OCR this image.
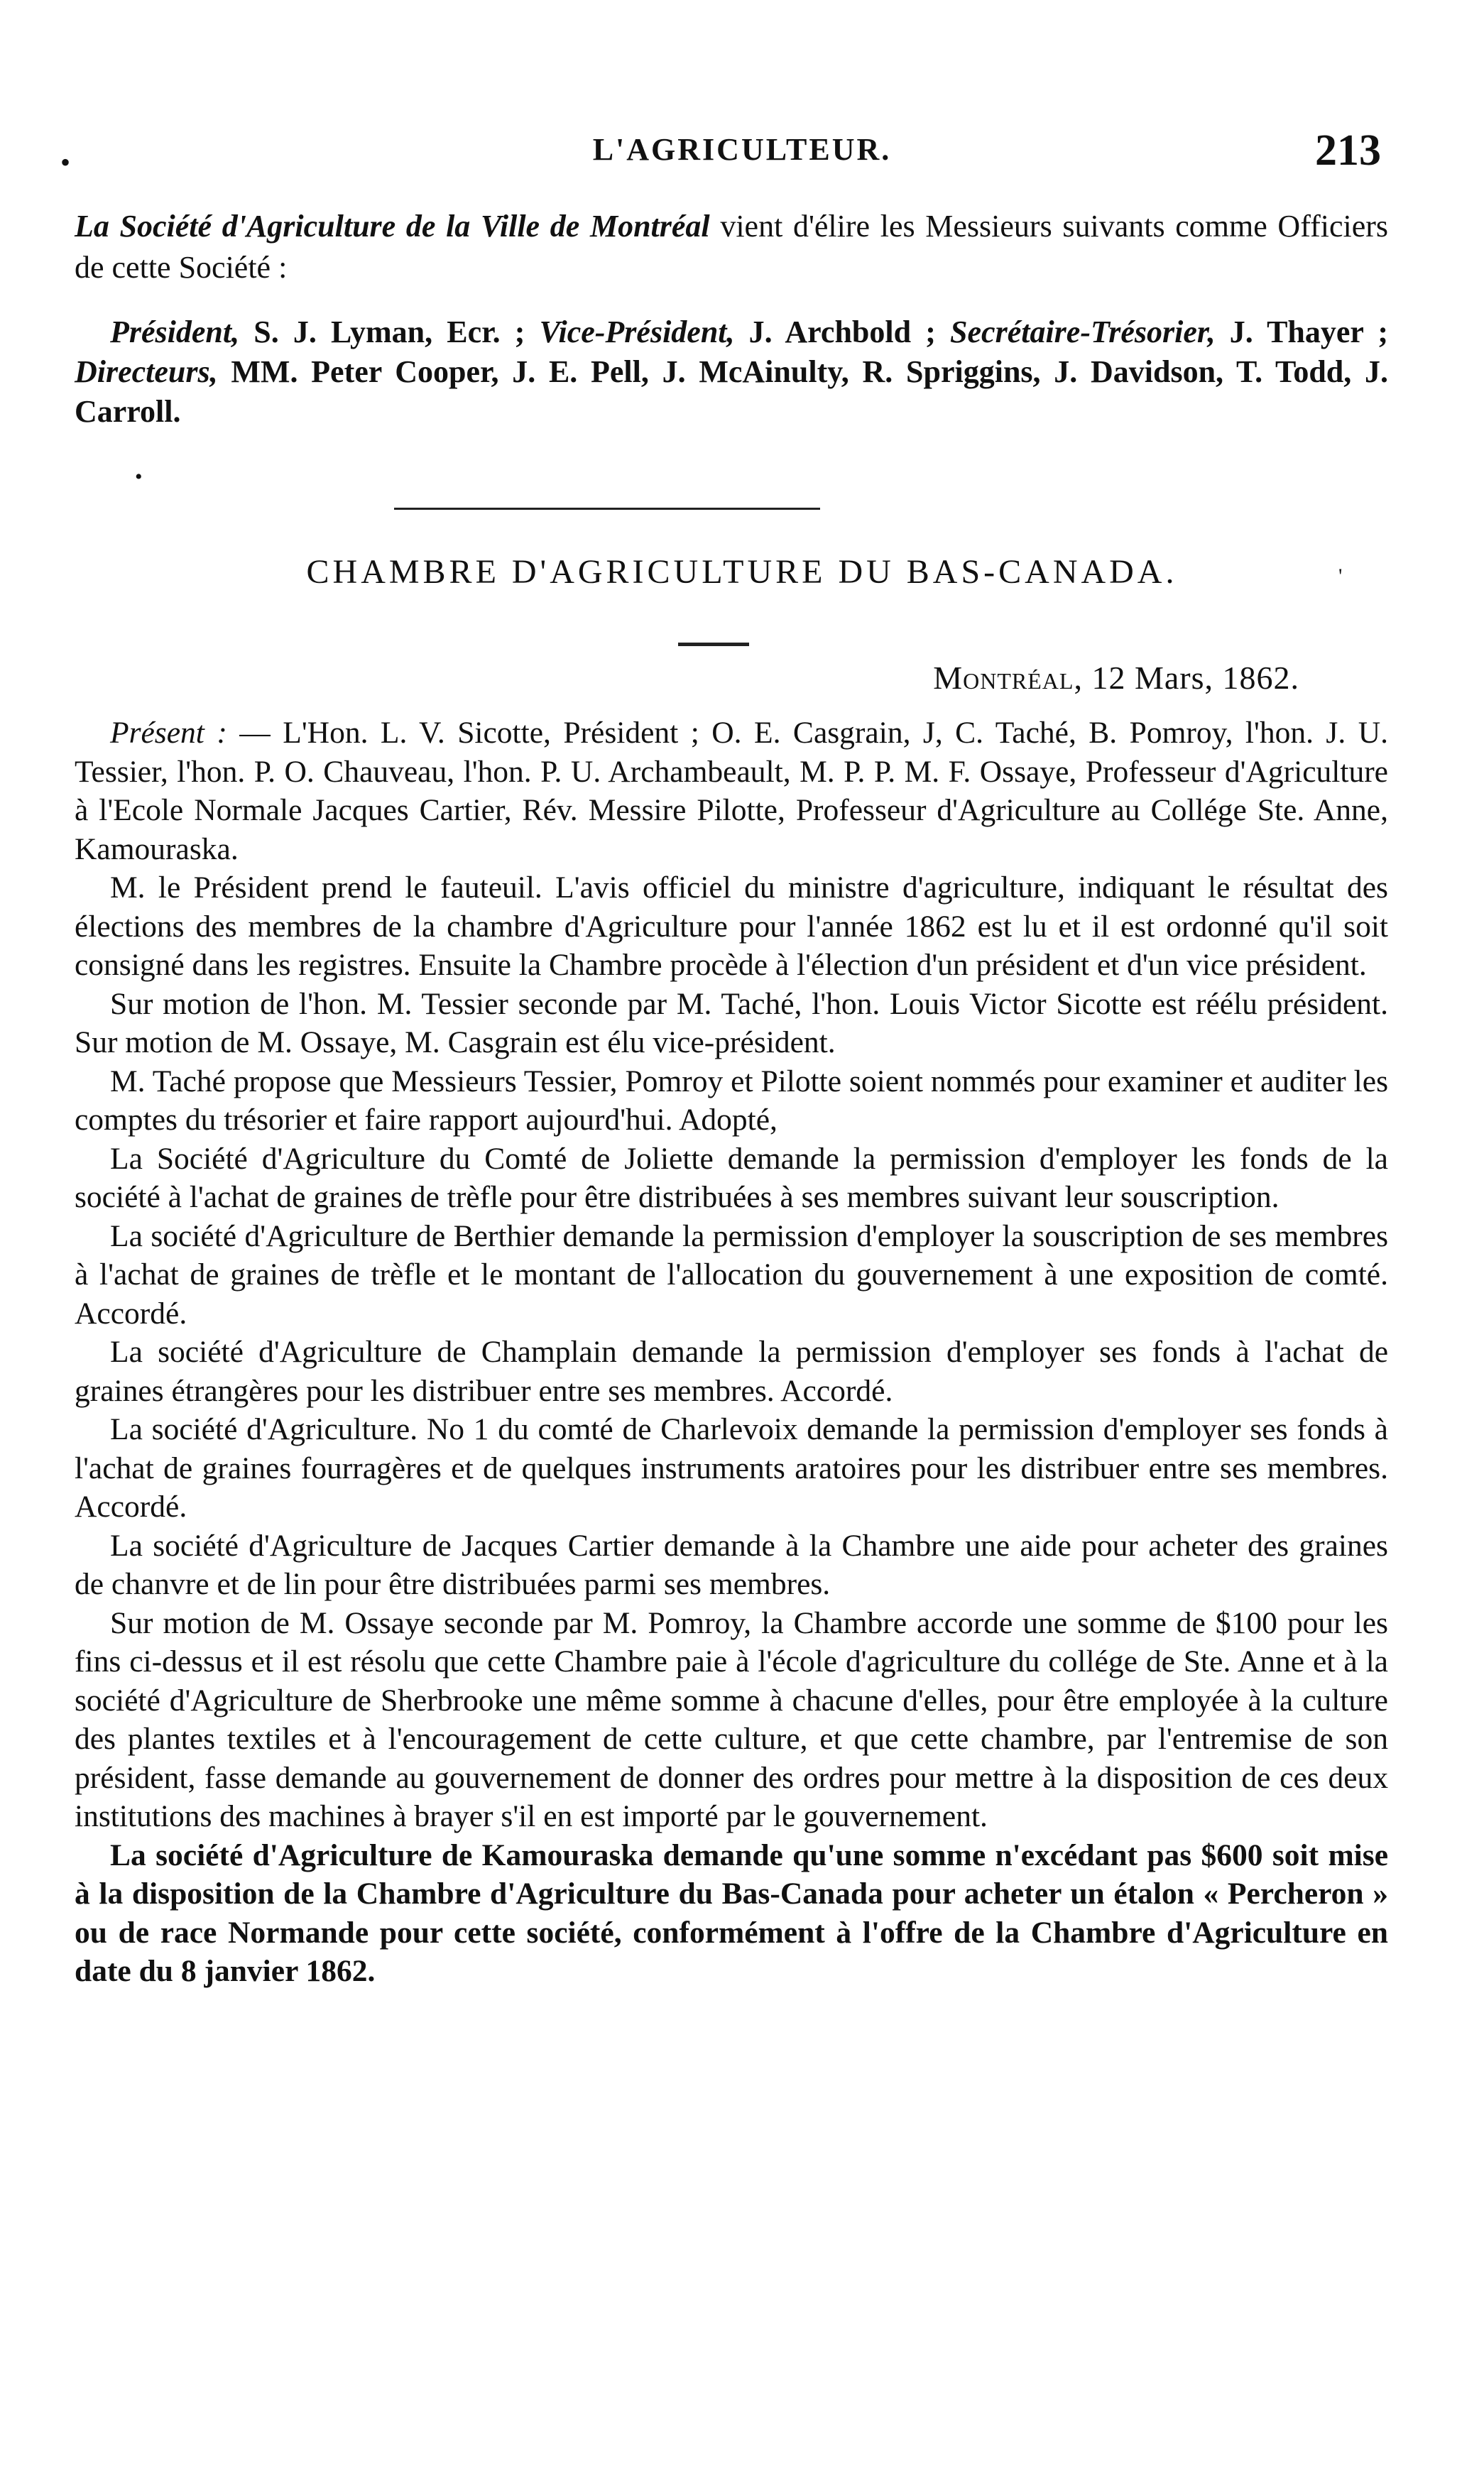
•	L'AGRICULTEUR.	213

La Société d'Agriculture de la Ville de Montréal vient d'élire les Messieurs suivants comme Officiers de cette Société :

Président, S. J. Lyman, Ecr. ; Vice-Président, J. Archbold ; Secrétaire-Trésorier, J. Thayer ; Directeurs, MM. Peter Cooper, J. E. Pell, J. McAinulty, R. Spriggins, J. Davidson, T. Todd, J. Carroll.

•
'
CHAMBRE D'AGRICULTURE DU BAS-CANADA.
Montréal, 12 Mars, 1862.

Présent : — L'Hon. L. V. Sicotte, Président ; O. E. Casgrain, J, C. Taché, B. Pomroy, l'hon. J. U. Tessier, l'hon. P. O. Chauveau, l'hon. P. U. Archambeault, M. P. P. M. F. Ossaye, Professeur d'Agriculture à l'Ecole Normale Jacques Cartier, Rév. Messire Pilotte, Professeur d'Agriculture au Collége Ste. Anne, Kamouraska.

M. le Président prend le fauteuil. L'avis officiel du ministre d'agriculture, indiquant le résultat des élections des membres de la chambre d'Agriculture pour l'année 1862 est lu et il est ordonné qu'il soit consigné dans les registres. Ensuite la Chambre procède à l'élection d'un président et d'un vice président.

Sur motion de l'hon. M. Tessier seconde par M. Taché, l'hon. Louis Victor Sicotte est réélu président. Sur motion de M. Ossaye, M. Casgrain est élu vice-président.

M. Taché propose que Messieurs Tessier, Pomroy et Pilotte soient nommés pour examiner et auditer les comptes du trésorier et faire rapport aujourd'hui. Adopté,

La Société d'Agriculture du Comté de Joliette demande la permission d'employer les fonds de la société à l'achat de graines de trèfle pour être distribuées à ses membres suivant leur souscription.

La société d'Agriculture de Berthier demande la permission d'employer la souscription de ses membres à l'achat de graines de trèfle et le montant de l'allocation du gouvernement à une exposition de comté. Accordé.

La société d'Agriculture de Champlain demande la permission d'employer ses fonds à l'achat de graines étrangères pour les distribuer entre ses membres. Accordé.

La société d'Agriculture. No 1 du comté de Charlevoix demande la permission d'employer ses fonds à l'achat de graines fourragères et de quelques instruments aratoires pour les distribuer entre ses membres. Accordé.

La société d'Agriculture de Jacques Cartier demande à la Chambre une aide pour acheter des graines de chanvre et de lin pour être distribuées parmi ses membres.

Sur motion de M. Ossaye seconde par M. Pomroy, la Chambre accorde une somme de $100 pour les fins ci-dessus et il est résolu que cette Chambre paie à l'école d'agriculture du collége de Ste. Anne et à la société d'Agriculture de Sherbrooke une même somme à chacune d'elles, pour être employée à la culture des plantes textiles et à l'encouragement de cette culture, et que cette chambre, par l'entremise de son président, fasse demande au gouvernement de donner des ordres pour mettre à la disposition de ces deux institutions des machines à brayer s'il en est importé par le gouvernement.

La société d'Agriculture de Kamouraska demande qu'une somme n'excédant pas $600 soit mise à la disposition de la Chambre d'Agriculture du Bas-Canada pour acheter un étalon « Percheron » ou de race Normande pour cette société, conformément à l'offre de la Chambre d'Agriculture en date du 8 janvier 1862.
